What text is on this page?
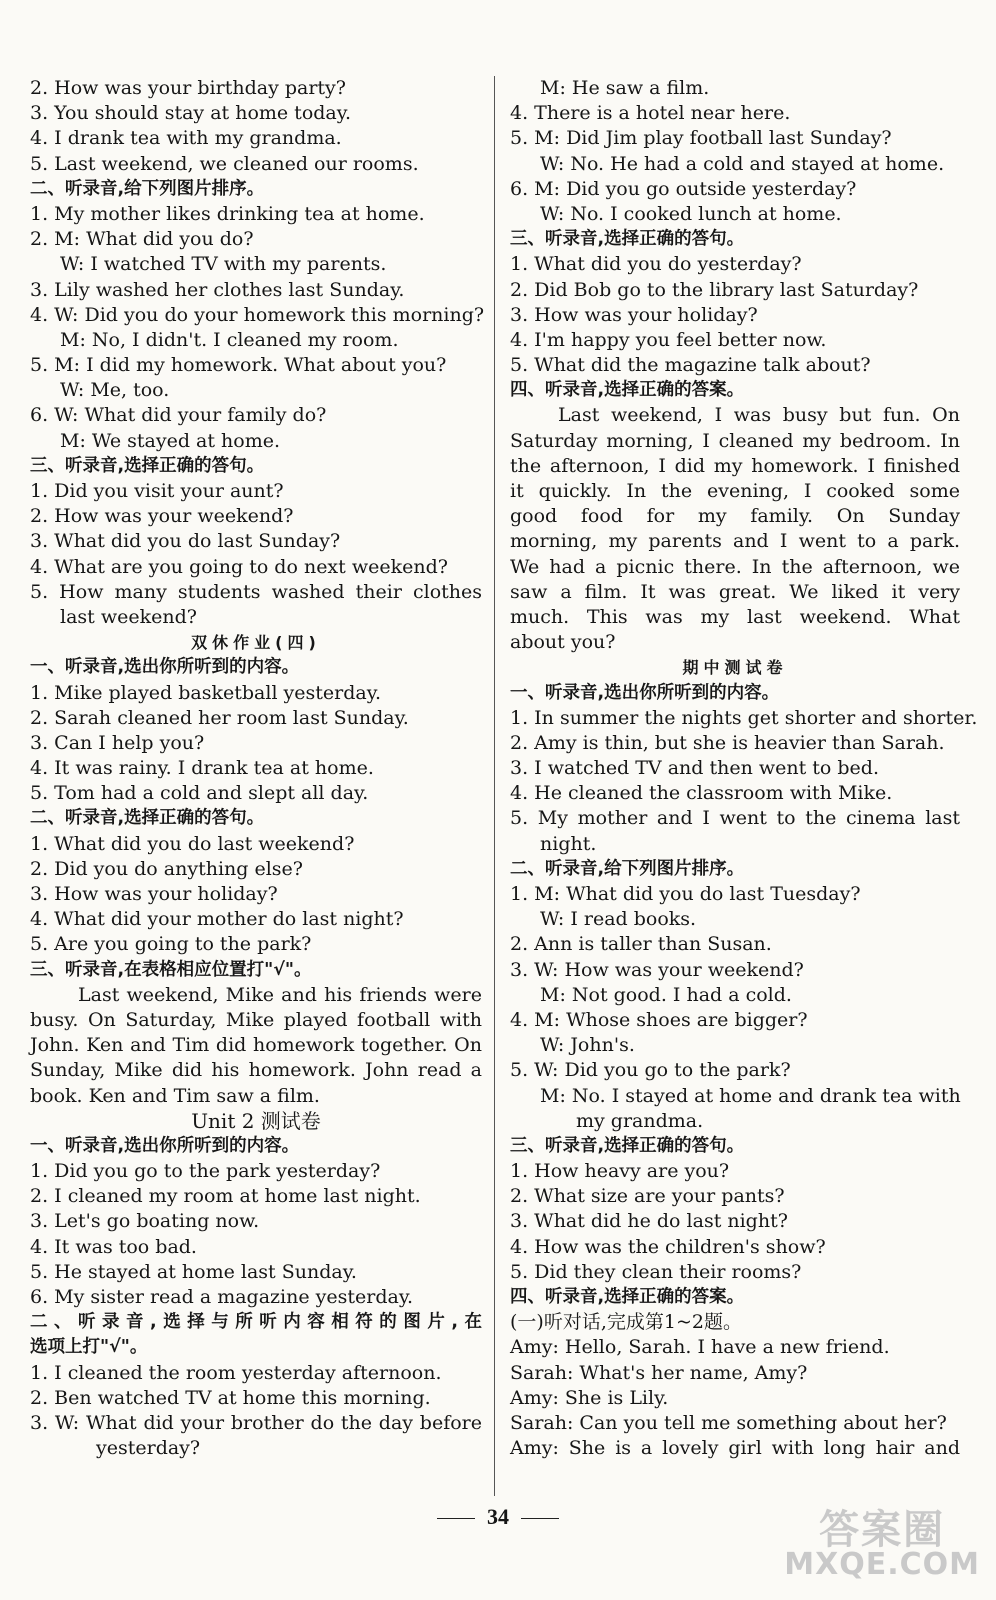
2. How was your birthday party?
3. You should stay at home today.
4. I drank tea with my grandma.
5. Last weekend, we cleaned our rooms.
二、听录音,给下列图片排序。
1. My mother likes drinking tea at home.
2. M: What did you do?
W: I watched TV with my parents.
3. Lily washed her clothes last Sunday.
4. W: Did you do your homework this morning?
M: No, I didn't. I cleaned my room.
5. M: I did my homework. What about you?
W: Me, too.
6. W: What did your family do?
M: We stayed at home.
三、听录音,选择正确的答句。
1. Did you visit your aunt?
2. How was your weekend?
3. What did you do last Sunday?
4. What are you going to do next weekend?
5. How many students washed their clothes
last weekend?
双休作业(四)
一、听录音,选出你所听到的内容。
1. Mike played basketball yesterday.
2. Sarah cleaned her room last Sunday.
3. Can I help you?
4. It was rainy. I drank tea at home.
5. Tom had a cold and slept all day.
二、听录音,选择正确的答句。
1. What did you do last weekend?
2. Did you do anything else?
3. How was your holiday?
4. What did your mother do last night?
5. Are you going to the park?
三、听录音,在表格相应位置打"√"。
Last weekend, Mike and his friends were
busy. On Saturday, Mike played football with
John. Ken and Tim did homework together. On
Sunday, Mike did his homework. John read a
book. Ken and Tim saw a film.
Unit 2 测试卷
一、听录音,选出你所听到的内容。
1. Did you go to the park yesterday?
2. I cleaned my room at home last night.
3. Let's go boating now.
4. It was too bad.
5. He stayed at home last Sunday.
6. My sister read a magazine yesterday.
二、听录音,选择与所听内容相符的图片,在
选项上打"√"。
1. I cleaned the room yesterday afternoon.
2. Ben watched TV at home this morning.
3. W: What did your brother do the day before
yesterday?
M: He saw a film.
4. There is a hotel near here.
5. M: Did Jim play football last Sunday?
W: No. He had a cold and stayed at home.
6. M: Did you go outside yesterday?
W: No. I cooked lunch at home.
三、听录音,选择正确的答句。
1. What did you do yesterday?
2. Did Bob go to the library last Saturday?
3. How was your holiday?
4. I'm happy you feel better now.
5. What did the magazine talk about?
四、听录音,选择正确的答案。
Last weekend, I was busy but fun. On
Saturday morning, I cleaned my bedroom. In
the afternoon, I did my homework. I finished
it quickly. In the evening, I cooked some
good food for my family. On Sunday
morning, my parents and I went to a park.
We had a picnic there. In the afternoon, we
saw a film. It was great. We liked it very
much. This was my last weekend. What
about you?
期中测试卷
一、听录音,选出你所听到的内容。
1. In summer the nights get shorter and shorter.
2. Amy is thin, but she is heavier than Sarah.
3. I watched TV and then went to bed.
4. He cleaned the classroom with Mike.
5. My mother and I went to the cinema last
night.
二、听录音,给下列图片排序。
1. M: What did you do last Tuesday?
W: I read books.
2. Ann is taller than Susan.
3. W: How was your weekend?
M: Not good. I had a cold.
4. M: Whose shoes are bigger?
W: John's.
5. W: Did you go to the park?
M: No. I stayed at home and drank tea with
my grandma.
三、听录音,选择正确的答句。
1. How heavy are you?
2. What size are your pants?
3. What did he do last night?
4. How was the children's show?
5. Did they clean their rooms?
四、听录音,选择正确的答案。
(一)听对话,完成第1~2题。
Amy: Hello, Sarah. I have a new friend.
Sarah: What's her name, Amy?
Amy: She is Lily.
Sarah: Can you tell me something about her?
Amy: She is a lovely girl with long hair and
34	答案圈
MXQE.COM
